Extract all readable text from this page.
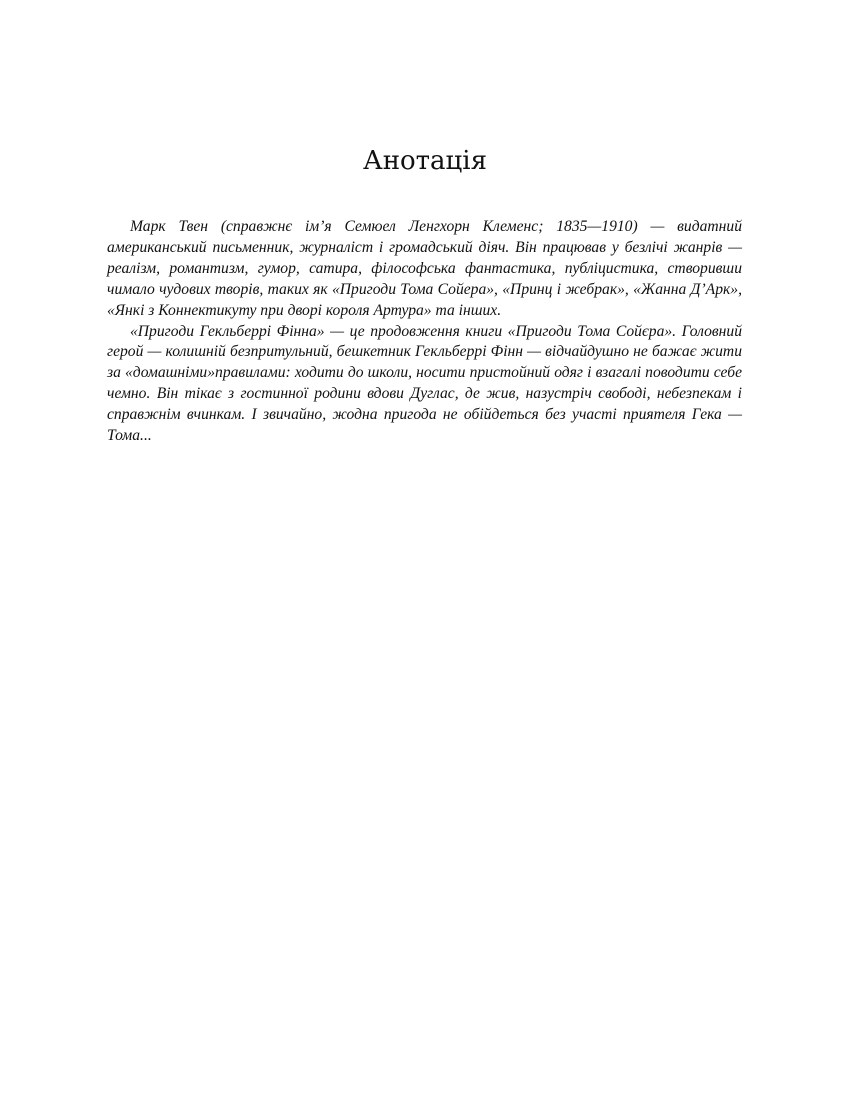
Анотація

Марк Твен (справжнє ім’я Семюел Ленгхорн Клеменс; 1835—1910) — видатний американський письменник, журналіст і громадський діяч. Він працював у безлічі жанрів — реалізм, романтизм, гумор, сатира, філософська фантастика, публіцистика, створивши чимало чудових творів, таких як «Пригоди Тома Сойера», «Принц і жебрак», «Жанна Д’Арк», «Янкі з Коннектикуту при дворі короля Артура» та інших.

«Пригоди Гекльберрі Фінна» — це продовження книги «Пригоди Тома Сойєра». Головний герой — колишній безпритульний, бешкетник Гекльберрі Фінн — відчайдушно не бажає жити за «домашніми»правилами: ходити до школи, носити пристойний одяг і взагалі поводити себе чемно. Він тікає з гостинної родини вдови Дуглас, де жив, назустріч свободі, небезпекам і справжнім вчинкам. І звичайно, жодна пригода не обійдеться без участі приятеля Гека — Тома...
